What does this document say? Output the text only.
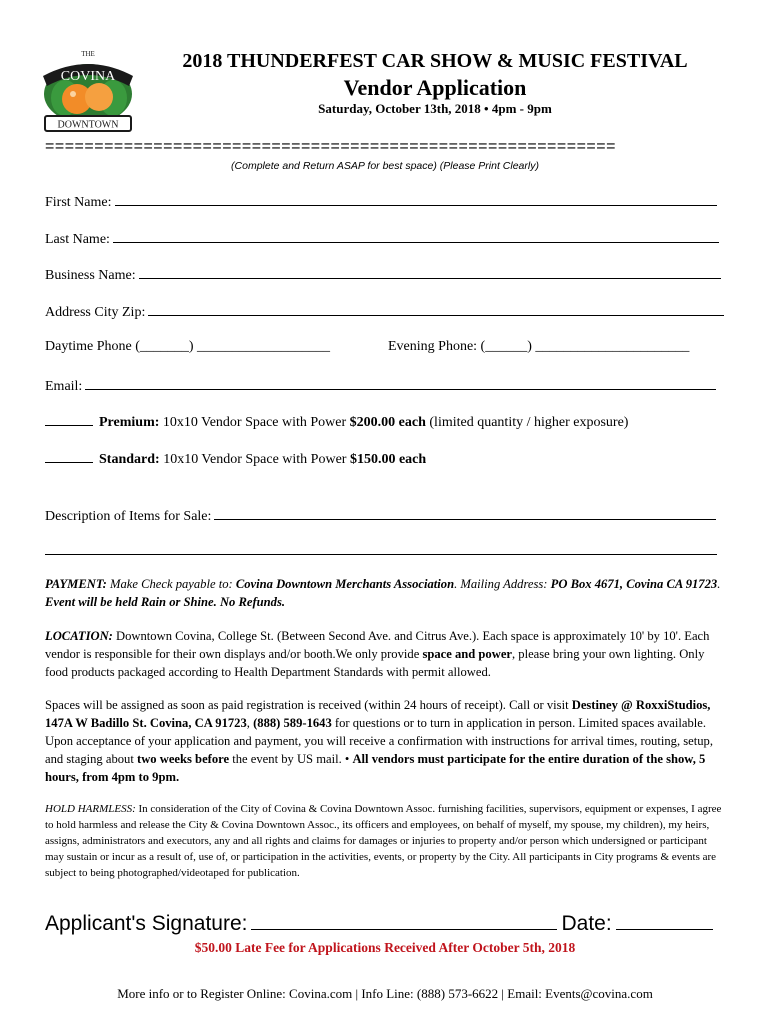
COVINA
THE
DOWNTOWN
2018 THUNDERFEST CAR SHOW & MUSIC FESTIVAL
Vendor Application
Saturday, October 13th, 2018 • 4pm - 9pm
==========================================================
(Complete and Return ASAP for best space) (Please Print Clearly)
First Name:
Last Name:
Business Name:
Address City Zip:
Daytime Phone (_______) ___________________	Evening Phone: (______) ______________________
Email:
Premium: 10x10 Vendor Space with Power $200.00 each (limited quantity / higher exposure)
Standard: 10x10 Vendor Space with Power $150.00 each
Description of Items for Sale:
PAYMENT: Make Check payable to: Covina Downtown Merchants Association. Mailing Address: PO Box 4671, Covina CA 91723. Event will be held Rain or Shine. No Refunds.
LOCATION: Downtown Covina, College St. (Between Second Ave. and Citrus Ave.). Each space is approximately 10' by 10'. Each vendor is responsible for their own displays and/or booth.We only provide space and power, please bring your own lighting. Only food products packaged according to Health Department Standards with permit allowed.
Spaces will be assigned as soon as paid registration is received (within 24 hours of receipt). Call or visit Destiney @ RoxxiStudios, 147A W Badillo St. Covina, CA 91723, (888) 589-1643 for questions or to turn in application in person. Limited spaces available. Upon acceptance of your application and payment, you will receive a confirmation with instructions for arrival times, routing, setup, and staging about two weeks before the event by US mail. • All vendors must participate for the entire duration of the show, 5 hours, from 4pm to 9pm.
HOLD HARMLESS: In consideration of the City of Covina & Covina Downtown Assoc. furnishing facilities, supervisors, equipment or expenses, I agree to hold harmless and release the City & Covina Downtown Assoc., its officers and employees, on behalf of myself, my spouse, my children), my heirs, assigns, administrators and executors, any and all rights and claims for damages or injuries to property and/or person which undersigned or participant may sustain or incur as a result of, use of, or participation in the activities, events, or property by the City. All participants in City programs & events are subject to being photographed/videotaped for publication.
Applicant's Signature:	Date:
$50.00 Late Fee for Applications Received After October 5th, 2018
More info or to Register Online: Covina.com | Info Line: (888) 573-6622 | Email: Events@covina.com
